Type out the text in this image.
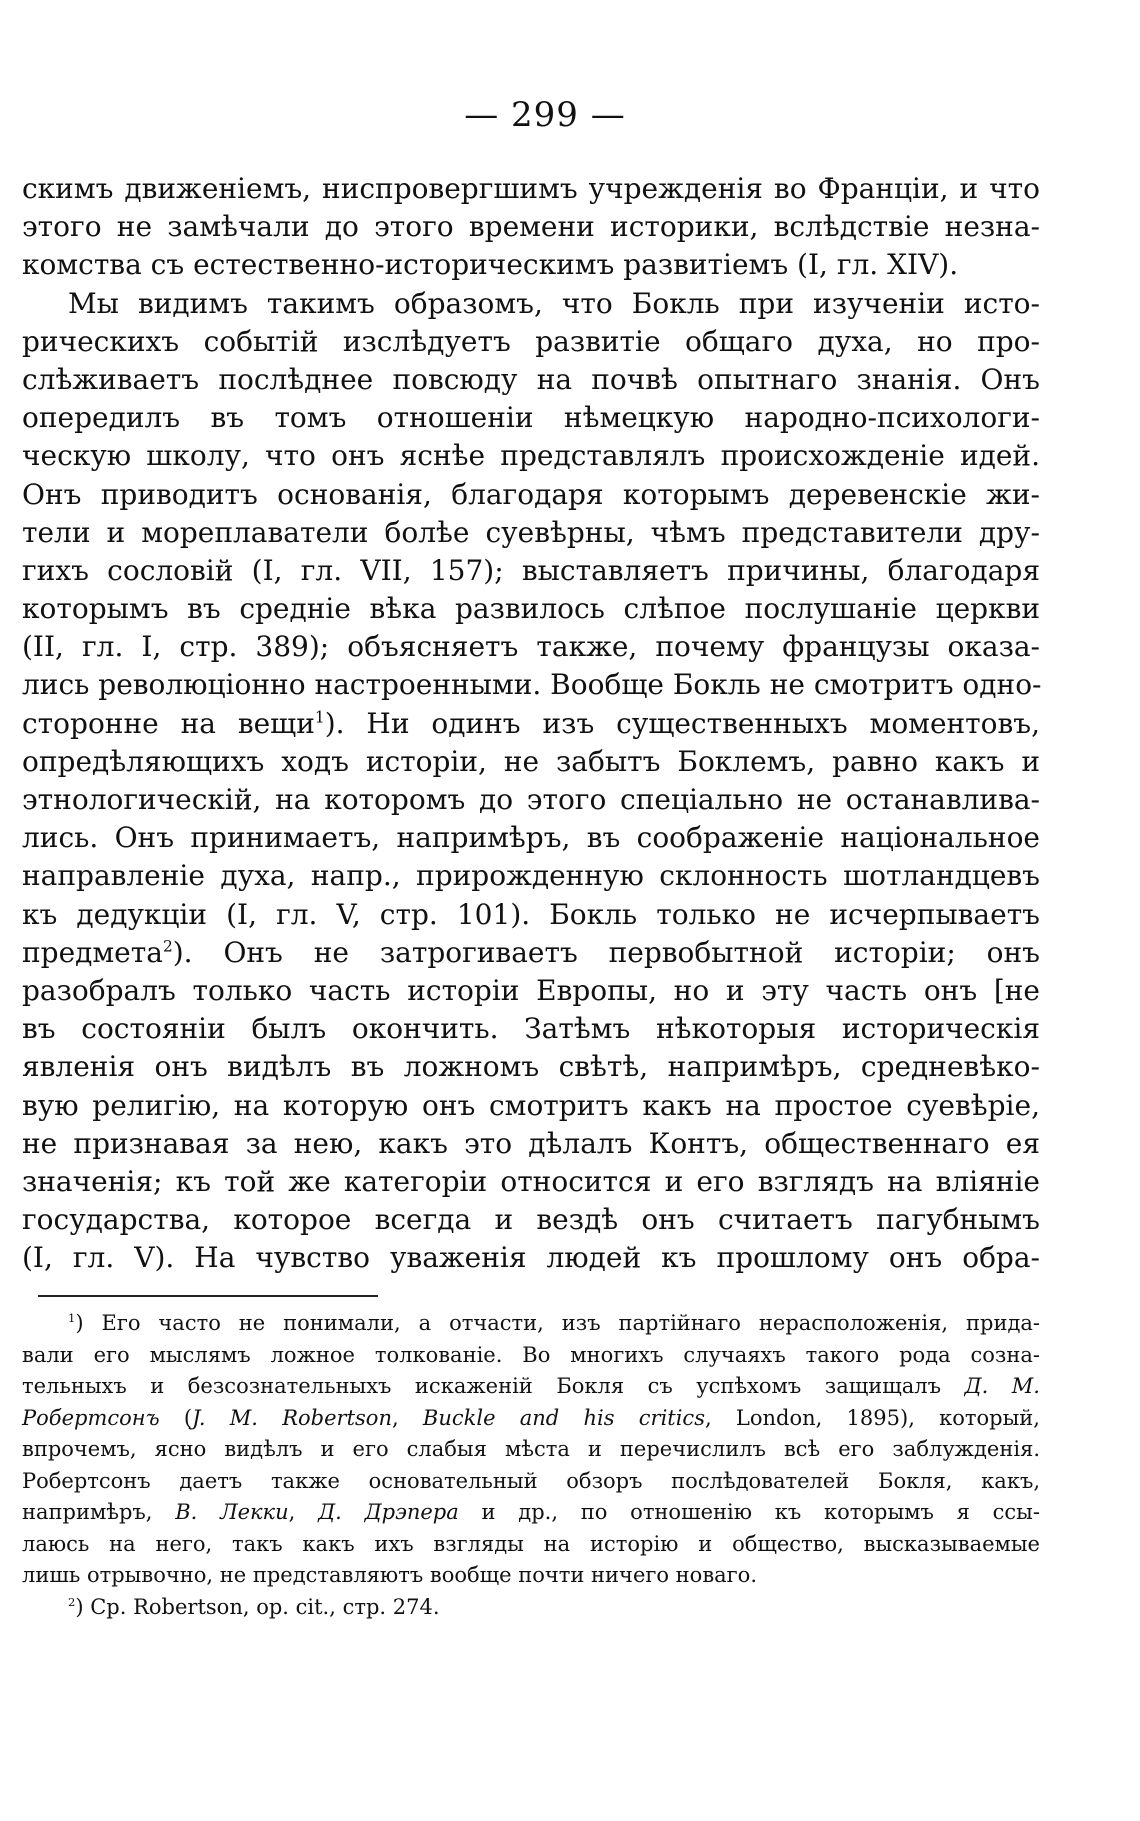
— 299 —
скимъ движенiемъ, ниспровергшимъ учрежденiя во Францiи, и что
этого не замѣчали до этого времени историки, вслѣдствiе незна-
комства съ естественно-историческимъ развитiемъ (I, гл. XIV).
Мы видимъ такимъ образомъ, что Бокль при изученiи исто-
рическихъ событiй изслѣдуетъ развитiе общаго духа, но про-
слѣживаетъ послѣднее повсюду на почвѣ опытнаго знанiя. Онъ
опередилъ въ томъ отношенiи нѣмецкую народно-психологи-
ческую школу, что онъ яснѣе представлялъ происхожденiе идей.
Онъ приводитъ основанiя, благодаря которымъ деревенскiе жи-
тели и мореплаватели болѣе суевѣрны, чѣмъ представители дру-
гихъ сословiй (I, гл. VII, 157); выставляетъ причины, благодаря
которымъ въ среднiе вѣка развилось слѣпое послушанiе церкви
(II, гл. I, стр. 389); объясняетъ также, почему французы оказа-
лись революцiонно настроенными. Вообще Бокль не смотритъ одно-
сторонне на вещи$^1$). Ни одинъ изъ существенныхъ моментовъ,
опредѣляющихъ ходъ исторiи, не забытъ Боклемъ, равно какъ и
этнологическiй, на которомъ до этого спецiально не останавлива-
лись. Онъ принимаетъ, напримѣръ, въ соображенiе нацiональное
направленiе духа, напр., прирожденную склонность шотландцевъ
къ дедукцiи (I, гл. V, стр. 101). Бокль только не исчерпываетъ
предмета$^2$). Онъ не затрогиваетъ первобытной исторiи; онъ
разобралъ только часть исторiи Европы, но и эту часть онъ [не
въ состоянiи былъ окончить. Затѣмъ нѣкоторыя историческiя
явленiя онъ видѣлъ въ ложномъ свѣтѣ, напримѣръ, средневѣко-
вую религiю, на которую онъ смотритъ какъ на простое суевѣрiе,
не признавая за нею, какъ это дѣлалъ Контъ, общественнаго ея
значенiя; къ той же категорiи относится и его взглядъ на влiянiе
государства, которое всегда и вездѣ онъ считаетъ пагубнымъ
(I, гл. V). На чувство уваженiя людей къ прошлому онъ обра-
$^1$) Его часто не понимали, а отчасти, изъ партiйнаго нерасположенiя, прида-
вали его мыслямъ ложное толкованiе. Во многихъ случаяхъ такого рода созна-
тельныхъ и безсознательныхъ искаженiй Бокля съ успѣхомъ защищалъ Д. М.
Робертсонъ (J. M. Robertson, Buckle and his critics, London, 1895), который,
впрочемъ, ясно видѣлъ и его слабыя мѣста и перечислилъ всѣ его заблужденiя.
Робертсонъ даетъ также основательный обзоръ послѣдователей Бокля, какъ,
напримѣръ, В. Лекки, Д. Дрэпера и др., по отношенiю къ которымъ я ссы-
лаюсь на него, такъ какъ ихъ взгляды на исторiю и общество, высказываемые
лишь отрывочно, не представляютъ вообще почти ничего новаго.
$^2$) Ср. Robertson, op. cit., стр. 274.
